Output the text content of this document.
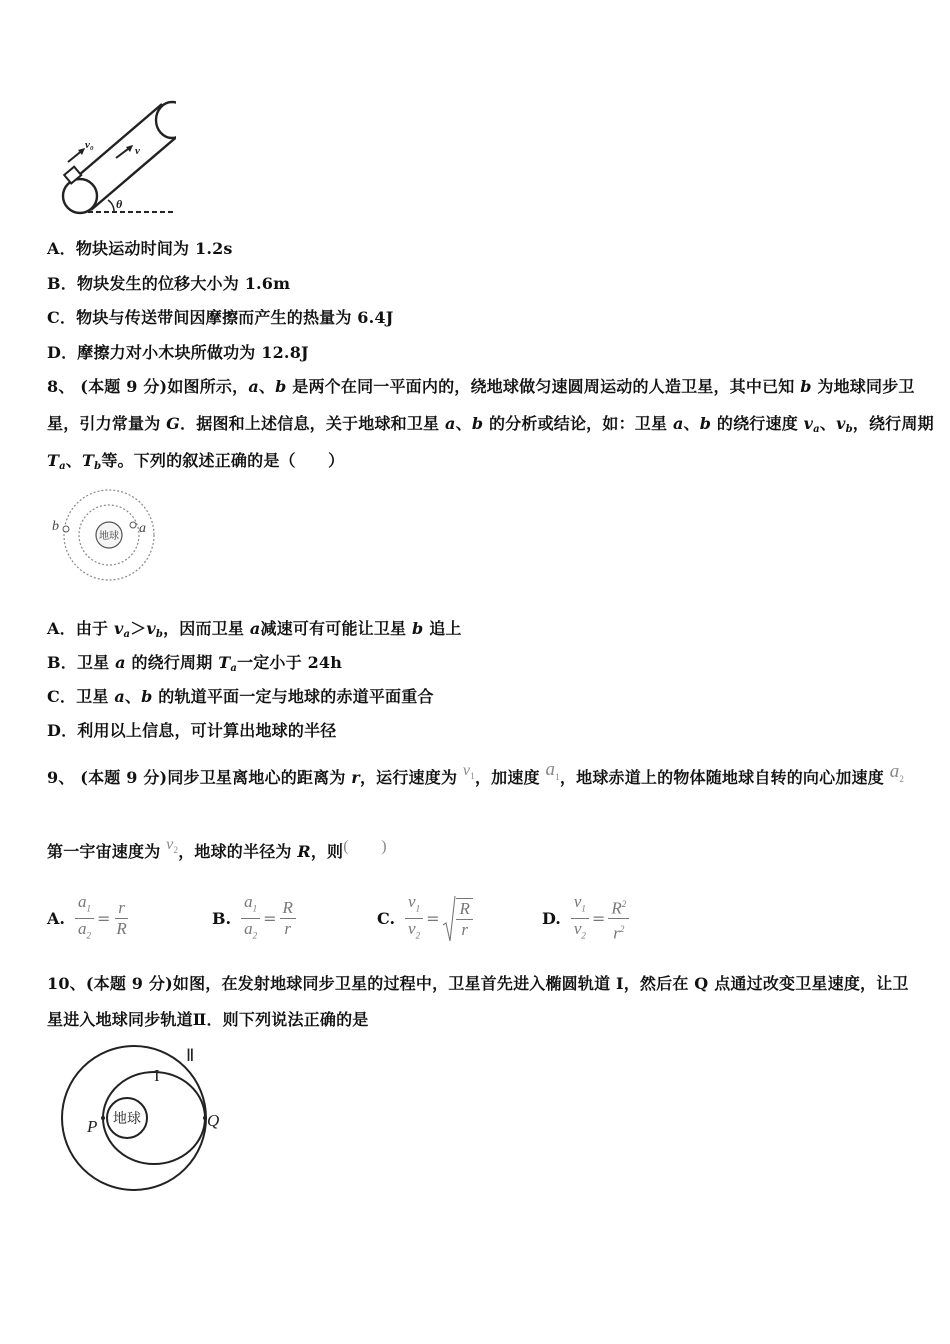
v₀	v
θ
A．物块运动时间为 1.2s
B．物块发生的位移大小为 1.6m
C．物块与传送带间因摩擦而产生的热量为 6.4J
D．摩擦力对小木块所做功为 12.8J
8、 (本题 9 分)如图所示，a、b 是两个在同一平面内的，绕地球做匀速圆周运动的人造卫星，其中已知 b 为地球同步卫
星，引力常量为 G．据图和上述信息，关于地球和卫星 a、b 的分析或结论，如：卫星 a、b 的绕行速度 $v_a$、$v_b$，绕行周期
$T_a$、$T_b$等。下列的叙述正确的是（　　）
地球
a
b
A．由于 $v_a>v_b$，因而卫星 a减速可有可能让卫星 b 追上
B．卫星 a 的绕行周期 $T_a$一定小于 24h
C．卫星 a、b 的轨道平面一定与地球的赤道平面重合
D．利用以上信息，可计算出地球的半径
9、 (本题 9 分)同步卫星离地心的距离为 r，运行速度为 $v_1$，加速度 $a_1$，地球赤道上的物体随地球自转的向心加速度 $a_2$
第一宇宙速度为 $v_2$，地球的半径为 R，则(　　)
A. $\frac{a_1}{a_2} = \frac{r}{R}$	B. $\frac{a_1}{a_2} = \frac{R}{r}$	C. $\frac{v_1}{v_2} = \frac{R}{r}$	D. $\frac{v_1}{v_2} = \frac{R^2}{r^2}$
10、(本题 9 分)如图，在发射地球同步卫星的过程中，卫星首先进入椭圆轨道 I，然后在 Q 点通过改变卫星速度，让卫
星进入地球同步轨道Ⅱ．则下列说法正确的是
地球
P	Q
I
Ⅱ
